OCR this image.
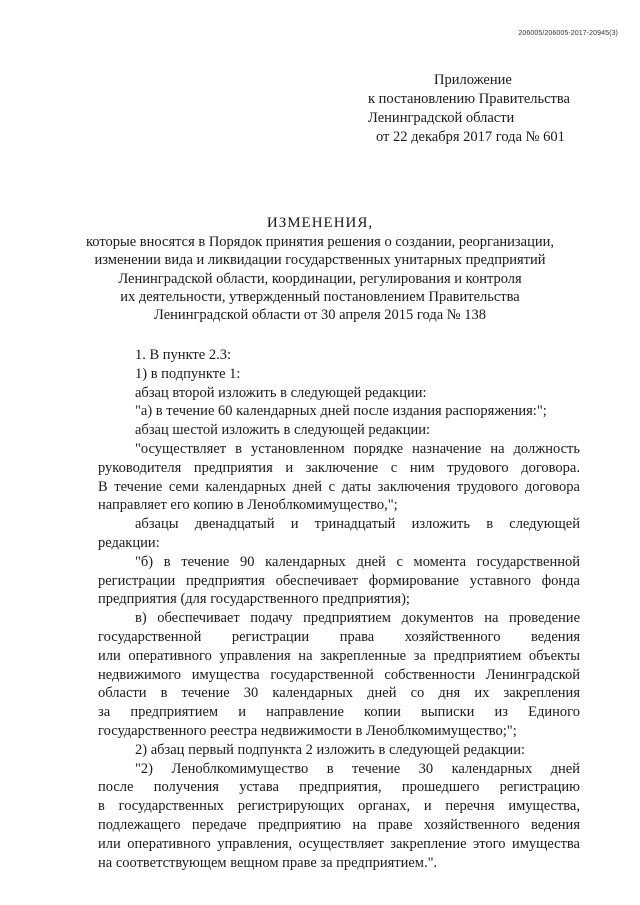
206005/206005-2017-20945(3)
Приложение
к постановлению Правительства
Ленинградской области
от 22 декабря 2017 года № 601
ИЗМЕНЕНИЯ,
которые вносятся в Порядок принятия решения о создании, реорганизации,
изменении вида и ликвидации государственных унитарных предприятий
Ленинградской области, координации, регулирования и контроля
их деятельности, утвержденный постановлением Правительства
Ленинградской области от 30 апреля 2015 года № 138
1. В пункте 2.3:
1) в подпункте 1:
абзац второй изложить в следующей редакции:
"а) в течение 60 календарных дней после издания распоряжения:";
абзац шестой изложить в следующей редакции:
"осуществляет в установленном порядке назначение на должность
руководителя предприятия и заключение с ним трудового договора.
В течение семи календарных дней с даты заключения трудового договора
направляет его копию в Леноблкомимущество,";
абзацы двенадцатый и тринадцатый изложить в следующей
редакции:
"б) в течение 90 календарных дней с момента государственной
регистрации предприятия обеспечивает формирование уставного фонда
предприятия (для государственного предприятия);
в) обеспечивает подачу предприятием документов на проведение
государственной регистрации права хозяйственного ведения
или оперативного управления на закрепленные за предприятием объекты
недвижимого имущества государственной собственности Ленинградской
области в течение 30 календарных дней со дня их закрепления
за предприятием и направление копии выписки из Единого
государственного реестра недвижимости в Леноблкомимущество;";
2) абзац первый подпункта 2 изложить в следующей редакции:
"2) Леноблкомимущество в течение 30 календарных дней
после получения устава предприятия, прошедшего регистрацию
в государственных регистрирующих органах, и перечня имущества,
подлежащего передаче предприятию на праве хозяйственного ведения
или оперативного управления, осуществляет закрепление этого имущества
на соответствующем вещном праве за предприятием.".
